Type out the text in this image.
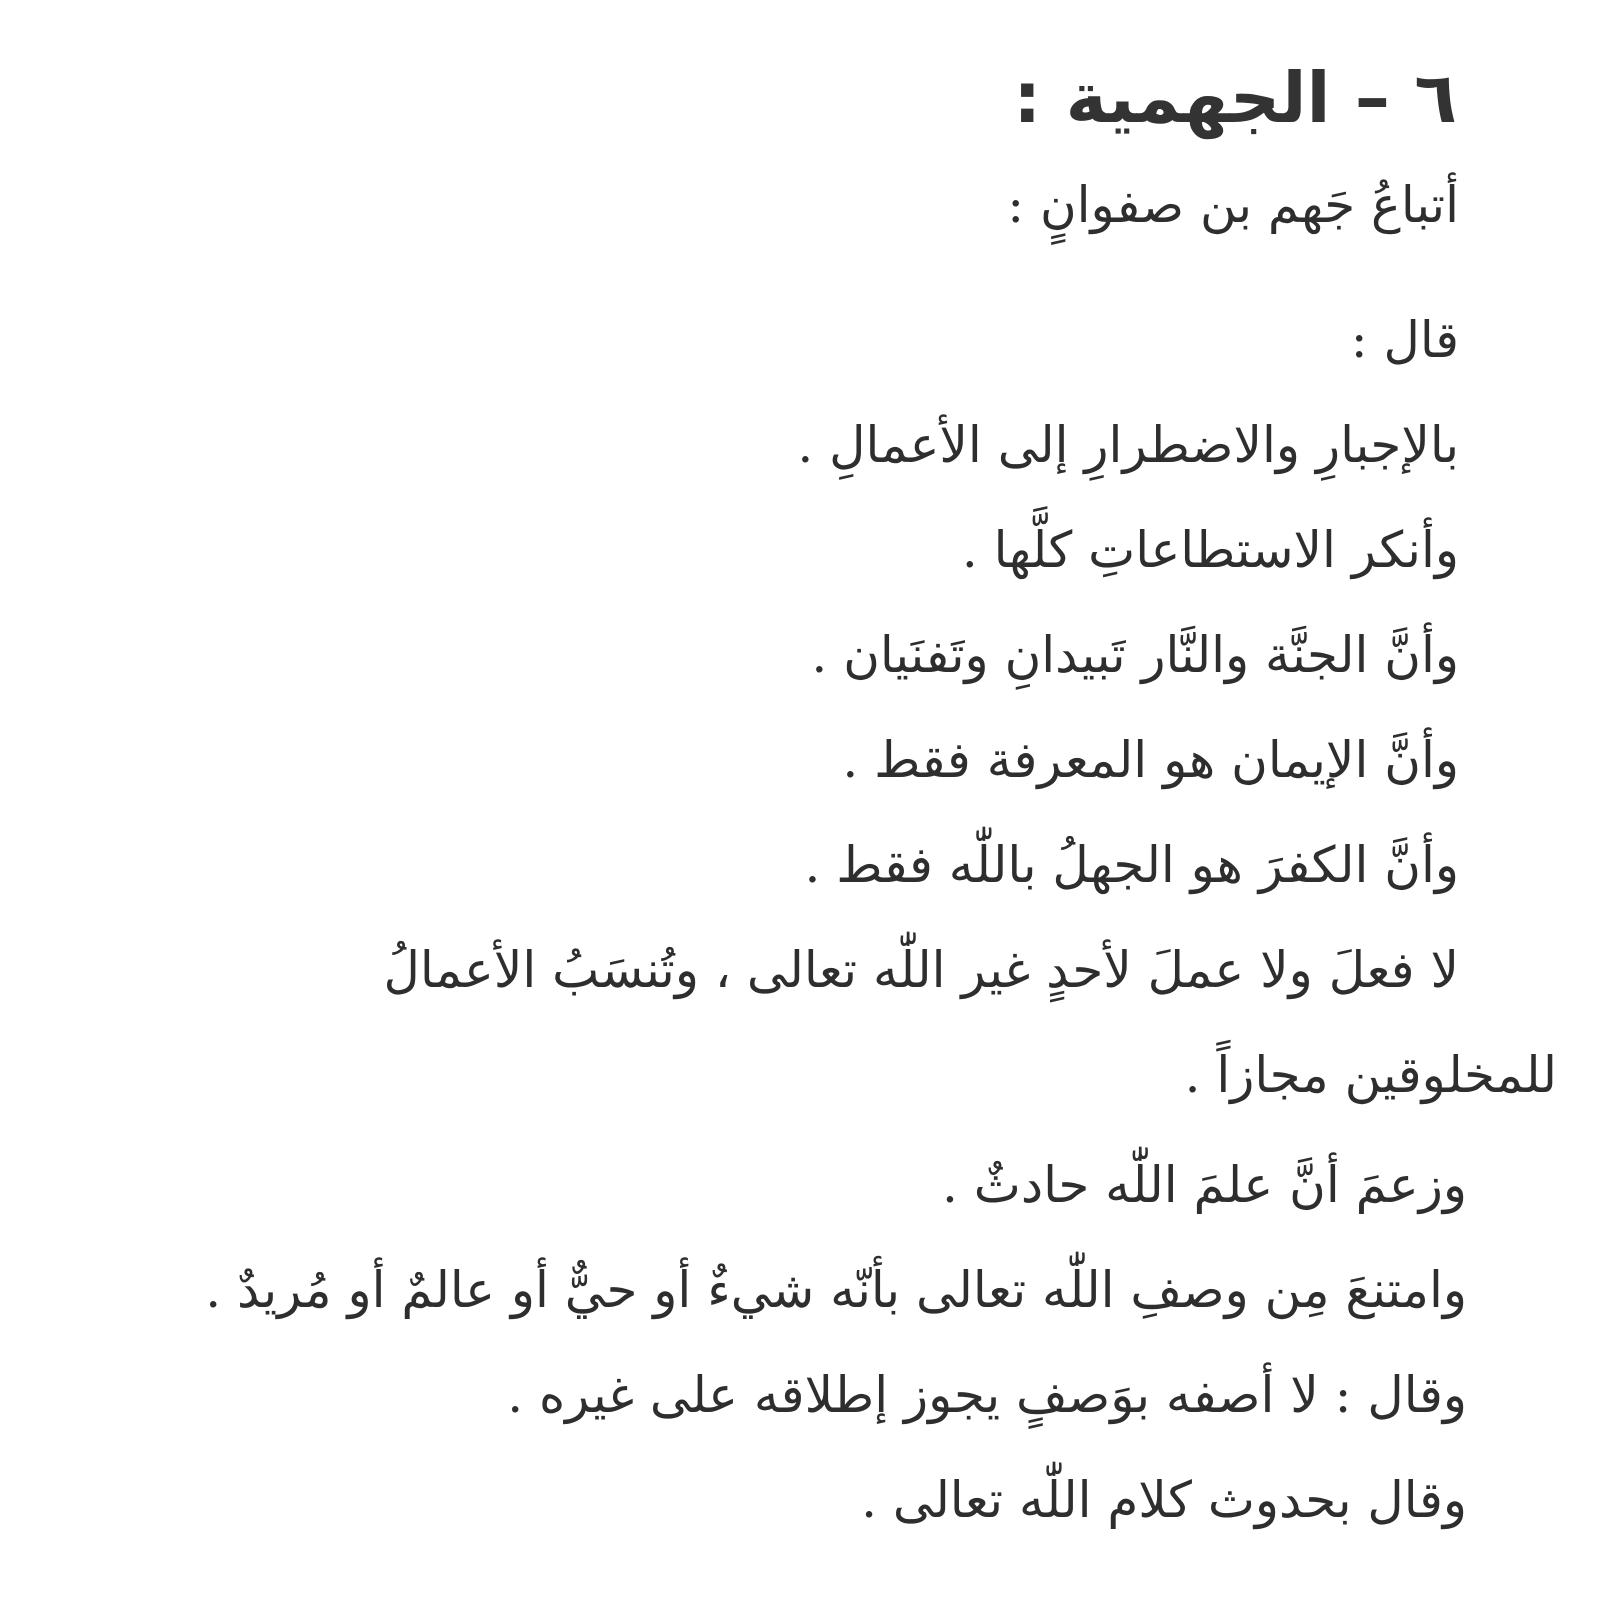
٦ – الجهمية :
أتباعُ جَهم بن صفوانٍ :
قال :
بالإجبارِ والاضطرارِ إلى الأعمالِ .
وأنكر الاستطاعاتِ كلَّها .
وأنَّ الجنَّة والنَّار تَبيدانِ وتَفنَيان .
وأنَّ الإيمان هو المعرفة فقط .
وأنَّ الكفرَ هو الجهلُ باللّٰه فقط .
لا فعلَ ولا عملَ لأحدٍ غير اللّٰه تعالى ، وتُنسَبُ الأعمالُ
للمخلوقين مجازاً .
وزعمَ أنَّ علمَ اللّٰه حادثٌ .
وامتنعَ مِن وصفِ اللّٰه تعالى بأنّه شيءٌ أو حيٌّ أو عالمٌ أو مُريدٌ .
وقال : لا أصفه بوَصفٍ يجوز إطلاقه على غيره .
وقال بحدوث كلام اللّٰه تعالى .
